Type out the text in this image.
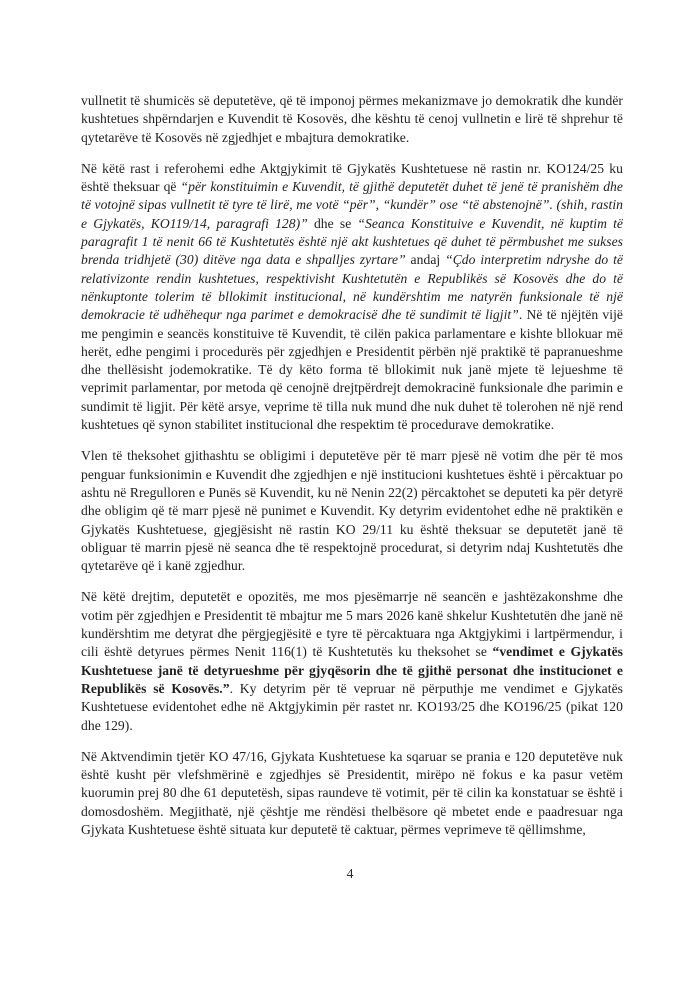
vullnetit të shumicës së deputetëve, që të imponoj përmes mekanizmave jo demokratik dhe kundër kushtetues shpërndarjen e Kuvendit të Kosovës, dhe kështu të cenoj vullnetin e lirë të shprehur të qytetarëve të Kosovës në zgjedhjet e mbajtura demokratike.

Në këtë rast i referohemi edhe Aktgjykimit të Gjykatës Kushtetuese në rastin nr. KO124/25 ku është theksuar që “për konstituimin e Kuvendit, të gjithë deputetët duhet të jenë të pranishëm dhe të votojnë sipas vullnetit të tyre të lirë, me votë “për”, “kundër” ose “të abstenojnë”. (shih, rastin e Gjykatës, KO119/14, paragrafi 128)” dhe se “Seanca Konstituive e Kuvendit, në kuptim të paragrafit 1 të nenit 66 të Kushtetutës është një akt kushtetues që duhet të përmbushet me sukses brenda tridhjetë (30) ditëve nga data e shpalljes zyrtare” andaj “Çdo interpretim ndryshe do të relativizonte rendin kushtetues, respektivisht Kushtetutën e Republikës së Kosovës dhe do të nënkuptonte tolerim të bllokimit institucional, në kundërshtim me natyrën funksionale të një demokracie të udhëhequr nga parimet e demokracisë dhe të sundimit të ligjit”. Në të njëjtën vijë me pengimin e seancës konstituive të Kuvendit, të cilën pakica parlamentare e kishte bllokuar më herët, edhe pengimi i procedurës për zgjedhjen e Presidentit përbën një praktikë të papranueshme dhe thellësisht jodemokratike. Të dy këto forma të bllokimit nuk janë mjete të lejueshme të veprimit parlamentar, por metoda që cenojnë drejtpërdrejt demokracinë funksionale dhe parimin e sundimit të ligjit. Për këtë arsye, veprime të tilla nuk mund dhe nuk duhet të tolerohen në një rend kushtetues që synon stabilitet institucional dhe respektim të procedurave demokratike.

Vlen të theksohet gjithashtu se obligimi i deputetëve për të marr pjesë në votim dhe për të mos penguar funksionimin e Kuvendit dhe zgjedhjen e një institucioni kushtetues është i përcaktuar po ashtu në Rregulloren e Punës së Kuvendit, ku në Nenin 22(2) përcaktohet se deputeti ka për detyrë dhe obligim që të marr pjesë në punimet e Kuvendit. Ky detyrim evidentohet edhe në praktikën e Gjykatës Kushtetuese, gjegjësisht në rastin KO 29/11 ku është theksuar se deputetët janë të obliguar të marrin pjesë në seanca dhe të respektojnë procedurat, si detyrim ndaj Kushtetutës dhe qytetarëve që i kanë zgjedhur.

Në këtë drejtim, deputetët e opozitës, me mos pjesëmarrje në seancën e jashtëzakonshme dhe votim për zgjedhjen e Presidentit të mbajtur me 5 mars 2026 kanë shkelur Kushtetutën dhe janë në kundërshtim me detyrat dhe përgjegjësitë e tyre të përcaktuara nga Aktgjykimi i lartpërmendur, i cili është detyrues përmes Nenit 116(1) të Kushtetutës ku theksohet se “vendimet e Gjykatës Kushtetuese janë të detyrueshme për gjyqësorin dhe të gjithë personat dhe institucionet e Republikës së Kosovës.”. Ky detyrim për të vepruar në përputhje me vendimet e Gjykatës Kushtetuese evidentohet edhe në Aktgjykimin për rastet nr. KO193/25 dhe KO196/25 (pikat 120 dhe 129).

Në Aktvendimin tjetër KO 47/16, Gjykata Kushtetuese ka sqaruar se prania e 120 deputetëve nuk është kusht për vlefshmërinë e zgjedhjes së Presidentit, mirëpo në fokus e ka pasur vetëm kuorumin prej 80 dhe 61 deputetësh, sipas raundeve të votimit, për të cilin ka konstatuar se është i domosdoshëm. Megjithatë, një çështje me rëndësi thelbësore që mbetet ende e paadresuar nga Gjykata Kushtetuese është situata kur deputetë të caktuar, përmes veprimeve të qëllimshme,

4
